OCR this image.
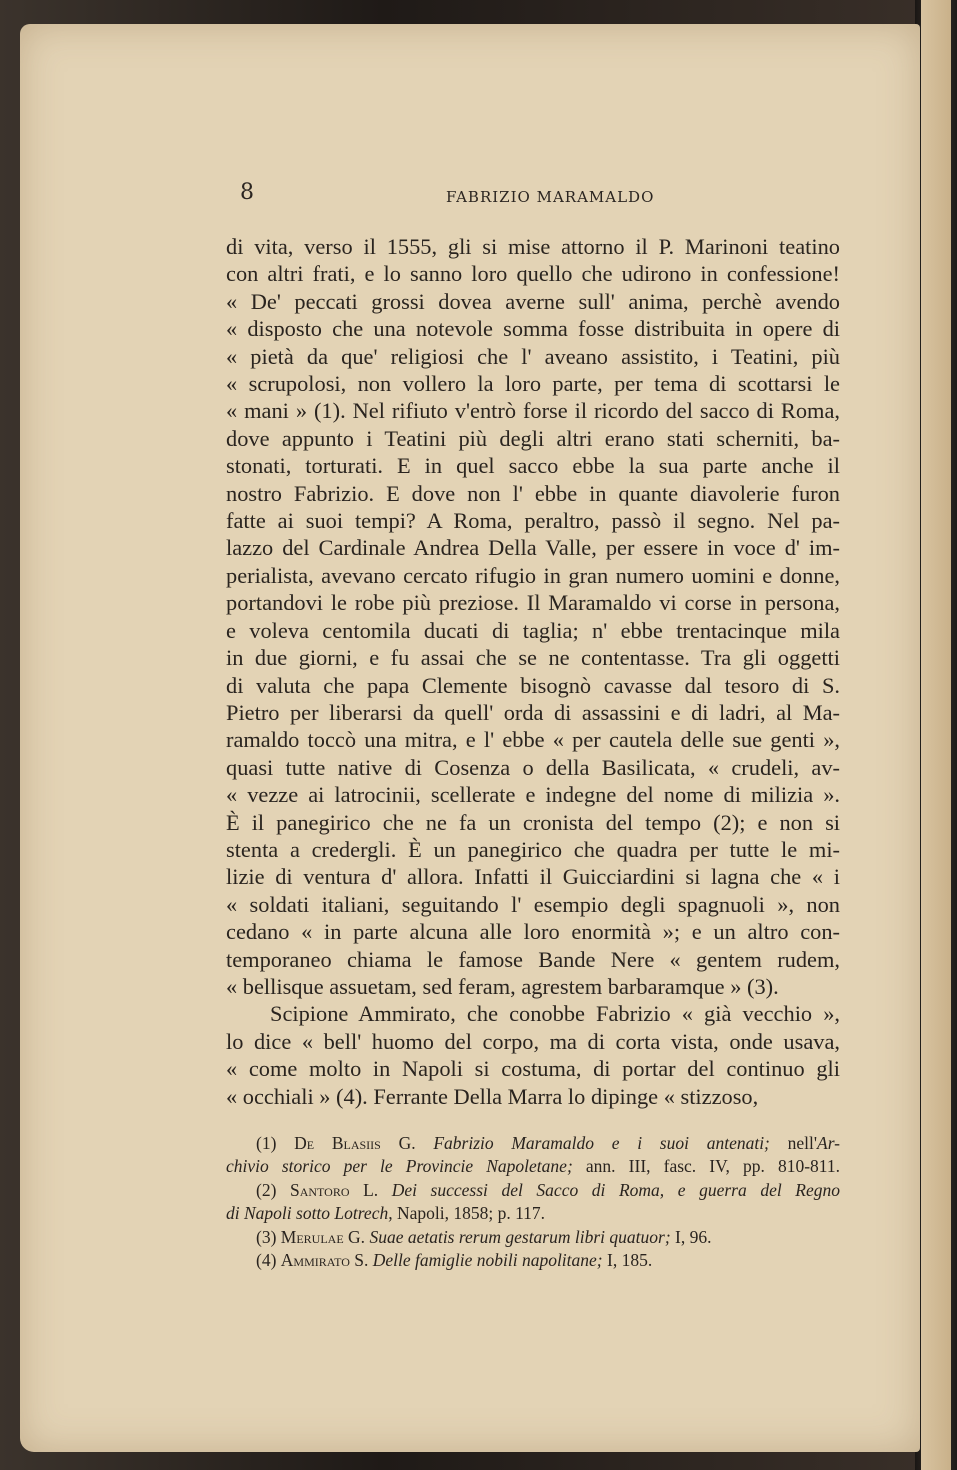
8	FABRIZIO MARAMALDO
di vita, verso il 1555, gli si mise attorno il P. Marinoni teatino
con altri frati, e lo sanno loro quello che udirono in confessione!
« De' peccati grossi dovea averne sull' anima, perchè avendo
« disposto che una notevole somma fosse distribuita in opere di
« pietà da que' religiosi che l' aveano assistito, i Teatini, più
« scrupolosi, non vollero la loro parte, per tema di scottarsi le
« mani » (1). Nel rifiuto v'entrò forse il ricordo del sacco di Roma,
dove appunto i Teatini più degli altri erano stati scherniti, ba-
stonati, torturati. E in quel sacco ebbe la sua parte anche il
nostro Fabrizio. E dove non l' ebbe in quante diavolerie furon
fatte ai suoi tempi? A Roma, peraltro, passò il segno. Nel pa-
lazzo del Cardinale Andrea Della Valle, per essere in voce d' im-
perialista, avevano cercato rifugio in gran numero uomini e donne,
portandovi le robe più preziose. Il Maramaldo vi corse in persona,
e voleva centomila ducati di taglia; n' ebbe trentacinque mila
in due giorni, e fu assai che se ne contentasse. Tra gli oggetti
di valuta che papa Clemente bisognò cavasse dal tesoro di S.
Pietro per liberarsi da quell' orda di assassini e di ladri, al Ma-
ramaldo toccò una mitra, e l' ebbe « per cautela delle sue genti »,
quasi tutte native di Cosenza o della Basilicata, « crudeli, av-
« vezze ai latrocinii, scellerate e indegne del nome di milizia ».
È il panegirico che ne fa un cronista del tempo (2); e non si
stenta a credergli. È un panegirico che quadra per tutte le mi-
lizie di ventura d' allora. Infatti il Guicciardini si lagna che « i
« soldati italiani, seguitando l' esempio degli spagnuoli », non
cedano « in parte alcuna alle loro enormità »; e un altro con-
temporaneo chiama le famose Bande Nere « gentem rudem,
« bellisque assuetam, sed feram, agrestem barbaramque » (3).
Scipione Ammirato, che conobbe Fabrizio « già vecchio »,
lo dice « bell' huomo del corpo, ma di corta vista, onde usava,
« come molto in Napoli si costuma, di portar del continuo gli
« occhiali » (4). Ferrante Della Marra lo dipinge « stizzoso,
(1) De Blasiis G. Fabrizio Maramaldo e i suoi antenati; nell'Ar-
chivio storico per le Provincie Napoletane; ann. III, fasc. IV, pp. 810-811.
(2) Santoro L. Dei successi del Sacco di Roma, e guerra del Regno
di Napoli sotto Lotrech, Napoli, 1858; p. 117.
(3) Merulae G. Suae aetatis rerum gestarum libri quatuor; I, 96.
(4) Ammirato S. Delle famiglie nobili napolitane; I, 185.
